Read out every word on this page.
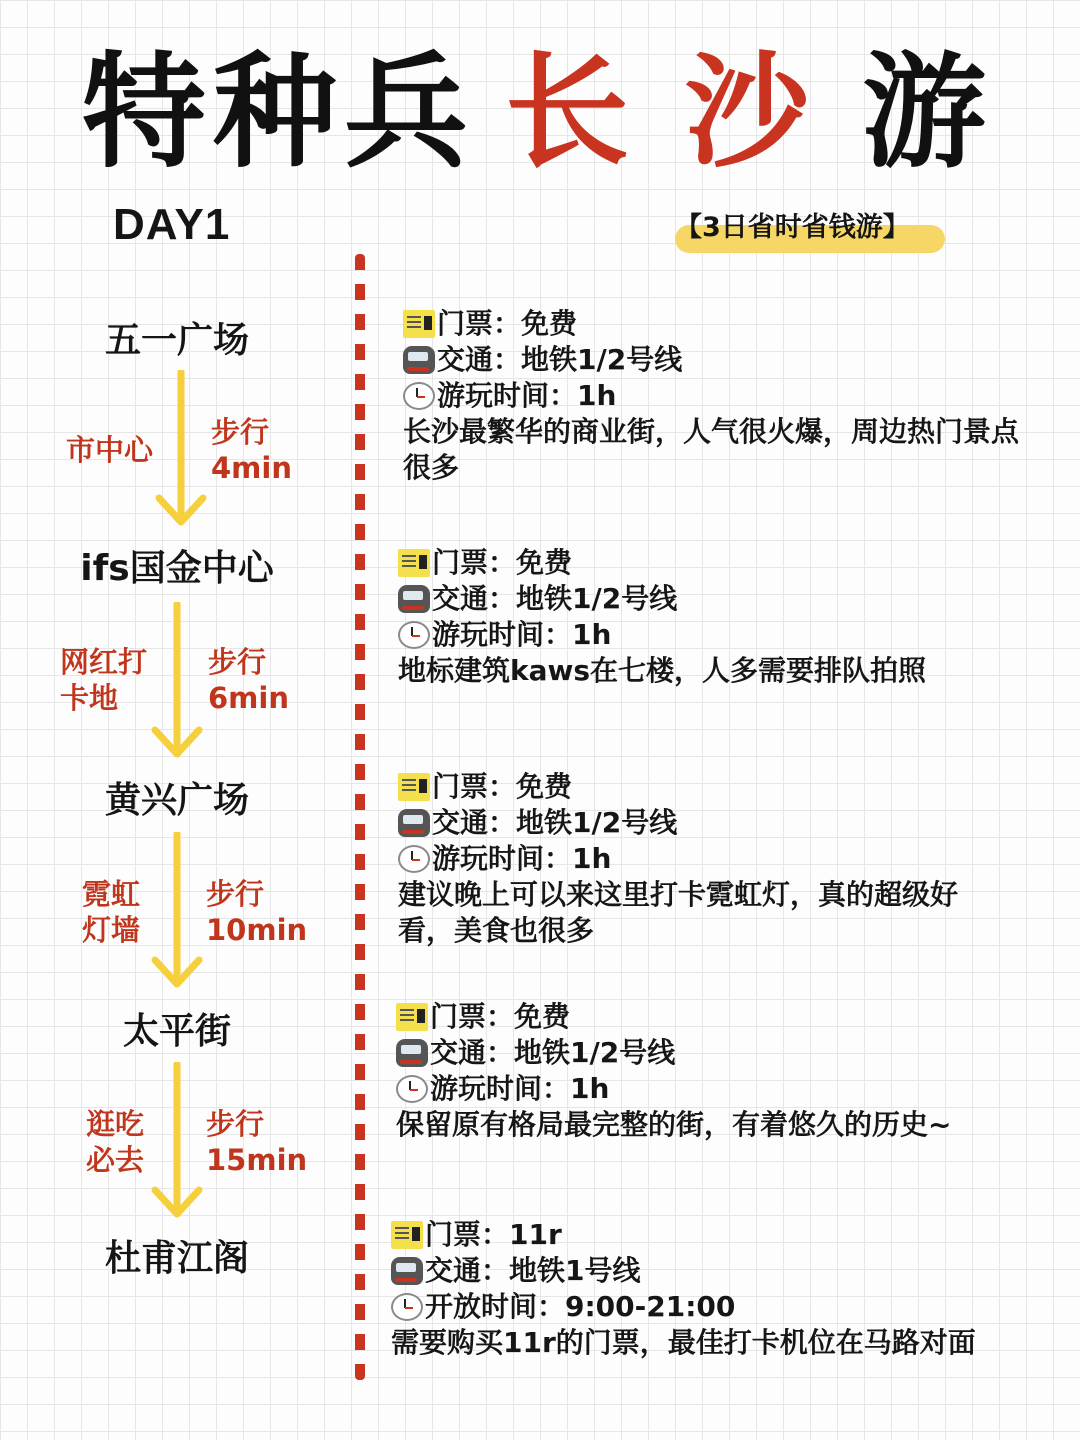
特 种 兵 长 沙 游
DAY1	【3日省时省钱游】
五一广场
ifs国金中心
黄兴广场
太平街
杜甫江阁
市中心
步行
4min
网红打
卡地
步行
6min
霓虹
灯墙
步行
10min
逛吃
必去
步行
15min
门票：免费
交通：地铁1/2号线
游玩时间：1h
长沙最繁华的商业街，人气很火爆，周边热门景点很多
门票：免费
交通：地铁1/2号线
游玩时间：1h
地标建筑kaws在七楼，人多需要排队拍照
门票：免费
交通：地铁1/2号线
游玩时间：1h
建议晚上可以来这里打卡霓虹灯，真的超级好看，美食也很多
门票：免费
交通：地铁1/2号线
游玩时间：1h
保留原有格局最完整的街，有着悠久的历史~
门票：11r
交通：地铁1号线
开放时间：9:00-21:00
需要购买11r的门票，最佳打卡机位在马路对面
